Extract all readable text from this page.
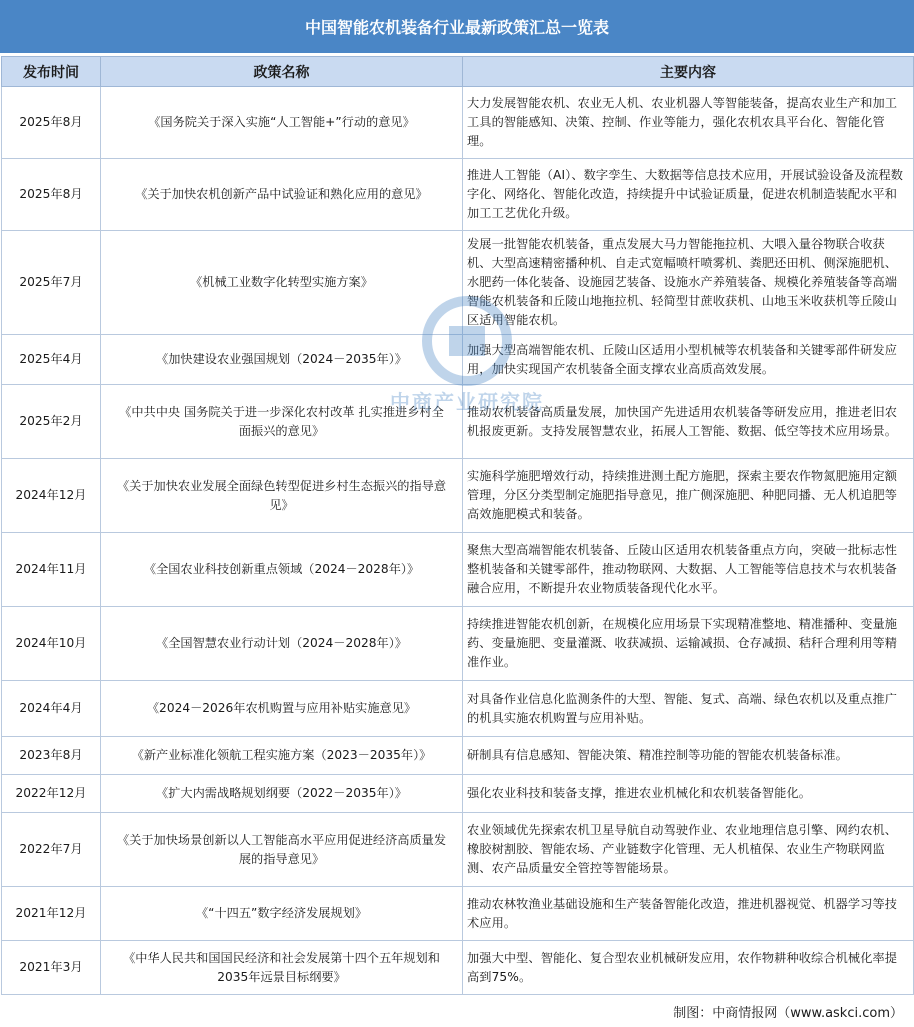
中国智能农机装备行业最新政策汇总一览表
发布时间	政策名称	主要内容
2025年8月	《国务院关于深入实施“人工智能+”行动的意见》	大力发展智能农机、农业无人机、农业机器人等智能装备，提高农业生产和加工工具的智能感知、决策、控制、作业等能力，强化农机农具平台化、智能化管理。
2025年8月	《关于加快农机创新产品中试验证和熟化应用的意见》	推进人工智能（AI）、数字孪生、大数据等信息技术应用，开展试验设备及流程数字化、网络化、智能化改造，持续提升中试验证质量，促进农机制造装配水平和加工工艺优化升级。
2025年7月	《机械工业数字化转型实施方案》	发展一批智能农机装备，重点发展大马力智能拖拉机、大喂入量谷物联合收获机、大型高速精密播种机、自走式宽幅喷杆喷雾机、粪肥还田机、侧深施肥机、水肥药一体化装备、设施园艺装备、设施水产养殖装备、规模化养殖装备等高端智能农机装备和丘陵山地拖拉机、轻简型甘蔗收获机、山地玉米收获机等丘陵山区适用智能农机。
2025年4月	《加快建设农业强国规划（2024－2035年）》	加强大型高端智能农机、丘陵山区适用小型机械等农机装备和关键零部件研发应用，加快实现国产农机装备全面支撑农业高质高效发展。
2025年2月	《中共中央 国务院关于进一步深化农村改革 扎实推进乡村全面振兴的意见》	推动农机装备高质量发展，加快国产先进适用农机装备等研发应用，推进老旧农机报废更新。支持发展智慧农业，拓展人工智能、数据、低空等技术应用场景。
2024年12月	《关于加快农业发展全面绿色转型促进乡村生态振兴的指导意见》	实施科学施肥增效行动，持续推进测土配方施肥，探索主要农作物氮肥施用定额管理，分区分类型制定施肥指导意见，推广侧深施肥、种肥同播、无人机追肥等高效施肥模式和装备。
2024年11月	《全国农业科技创新重点领域（2024－2028年）》	聚焦大型高端智能农机装备、丘陵山区适用农机装备重点方向，突破一批标志性整机装备和关键零部件，推动物联网、大数据、人工智能等信息技术与农机装备融合应用，不断提升农业物质装备现代化水平。
2024年10月	《全国智慧农业行动计划（2024－2028年）》	持续推进智能农机创新，在规模化应用场景下实现精准整地、精准播种、变量施药、变量施肥、变量灌溉、收获减损、运输减损、仓存减损、秸秆合理利用等精准作业。
2024年4月	《2024－2026年农机购置与应用补贴实施意见》	对具备作业信息化监测条件的大型、智能、复式、高端、绿色农机以及重点推广的机具实施农机购置与应用补贴。
2023年8月	《新产业标准化领航工程实施方案（2023－2035年）》	研制具有信息感知、智能决策、精准控制等功能的智能农机装备标准。
2022年12月	《扩大内需战略规划纲要（2022－2035年）》	强化农业科技和装备支撑，推进农业机械化和农机装备智能化。
2022年7月	《关于加快场景创新以人工智能高水平应用促进经济高质量发展的指导意见》	农业领域优先探索农机卫星导航自动驾驶作业、农业地理信息引擎、网约农机、橡胶树割胶、智能农场、产业链数字化管理、无人机植保、农业生产物联网监测、农产品质量安全管控等智能场景。
2021年12月	《“十四五”数字经济发展规划》	推动农林牧渔业基础设施和生产装备智能化改造，推进机器视觉、机器学习等技术应用。
2021年3月	《中华人民共和国国民经济和社会发展第十四个五年规划和2035年远景目标纲要》	加强大中型、智能化、复合型农业机械研发应用，农作物耕种收综合机械化率提高到75%。
中商产业研究院
制图：中商情报网（www.askci.com）
